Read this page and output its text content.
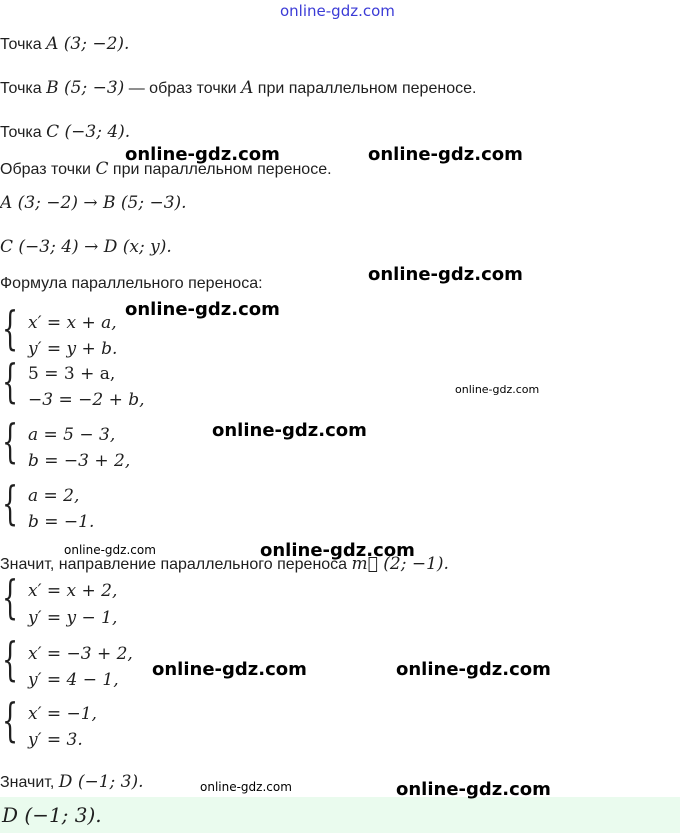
online-gdz.com
Точка A (3; −2).
Точка B (5; −3) — образ точки A при параллельном переносе.
Точка C (−3; 4).
Образ точки C при параллельном переносе.
A (3; −2) → B (5; −3).
C (−3; 4) → D (x; y).
Формула параллельного переноса:
{ x′ = x + a,
y′ = y + b.
{ 5 = 3 + a,
−3 = −2 + b,
{ a = 5 − 3,
b = −3 + 2,
{ a = 2,
b = −1.
Значит, направление параллельного переноса m⃗ (2; −1).
{ x′ = x + 2,
y′ = y − 1,
{ x′ = −3 + 2,
y′ = 4 − 1,
{ x′ = −1,
y′ = 3.
Значит, D (−1; 3).
D (−1; 3).
online-gdz.com	online-gdz.com
online-gdz.com
online-gdz.com
online-gdz.com
online-gdz.com
online-gdz.com	online-gdz.com
online-gdz.com	online-gdz.com
online-gdz.com	online-gdz.com
